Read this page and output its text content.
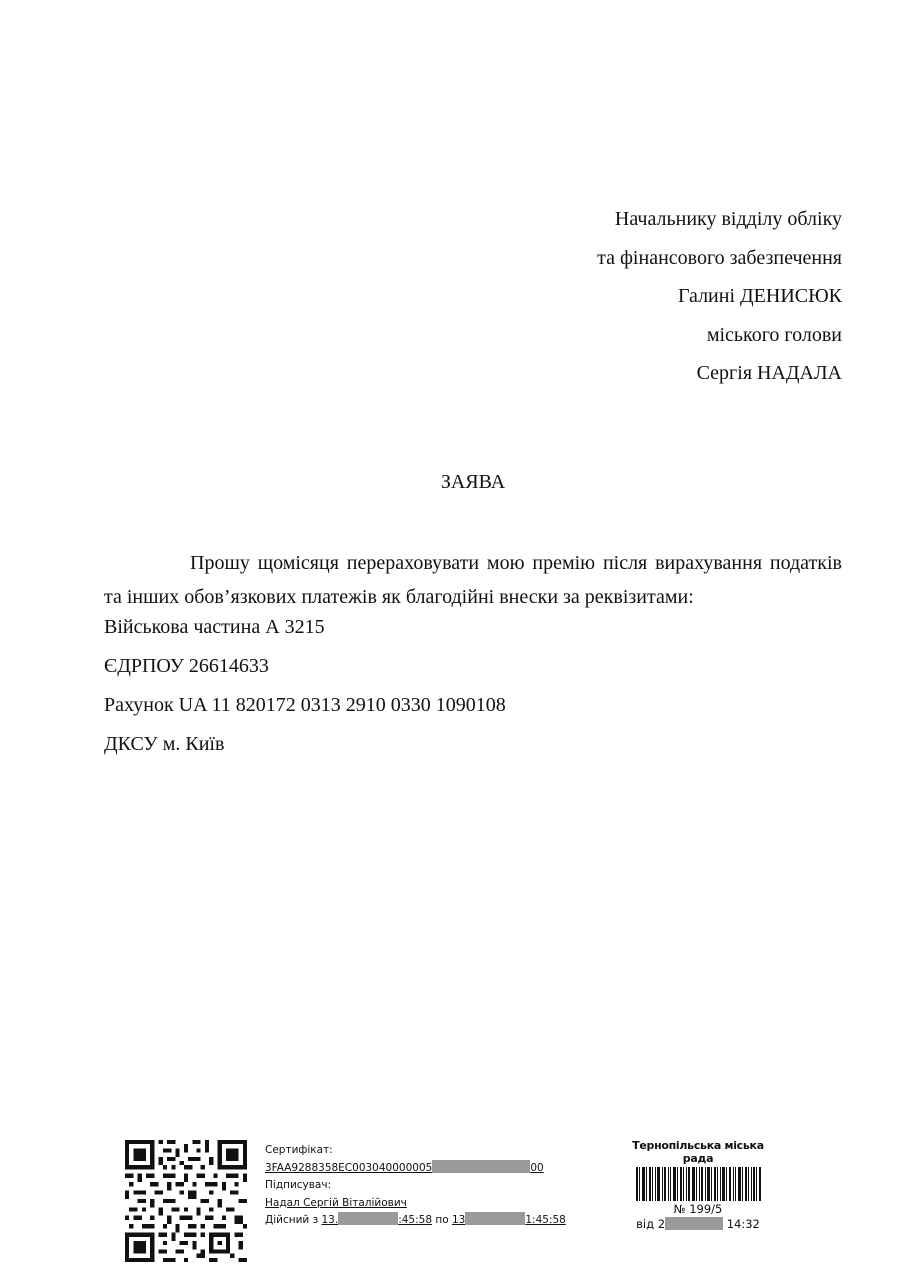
Начальнику відділу обліку
та фінансового забезпечення
Галині ДЕНИСЮК
міського голови
Сергія НАДАЛА
ЗАЯВА
Прошу щомісяця перераховувати мою премію після вирахування податків та інших обов’язкових платежів як благодійні внески за реквізитами:
Військова частина А 3215
ЄДРПОУ 26614633
Рахунок UA 11 820172 0313 2910 0330 1090108
ДКСУ м. Київ
Сертифікат:
3FAA9288358EC003040000005	00
Підписувач:
Надал Сергій Віталійович
Дійсний з 13.	:45:58 по 13	1:45:58
Тернопільська міська рада
№ 199/5
від 2	14:32
